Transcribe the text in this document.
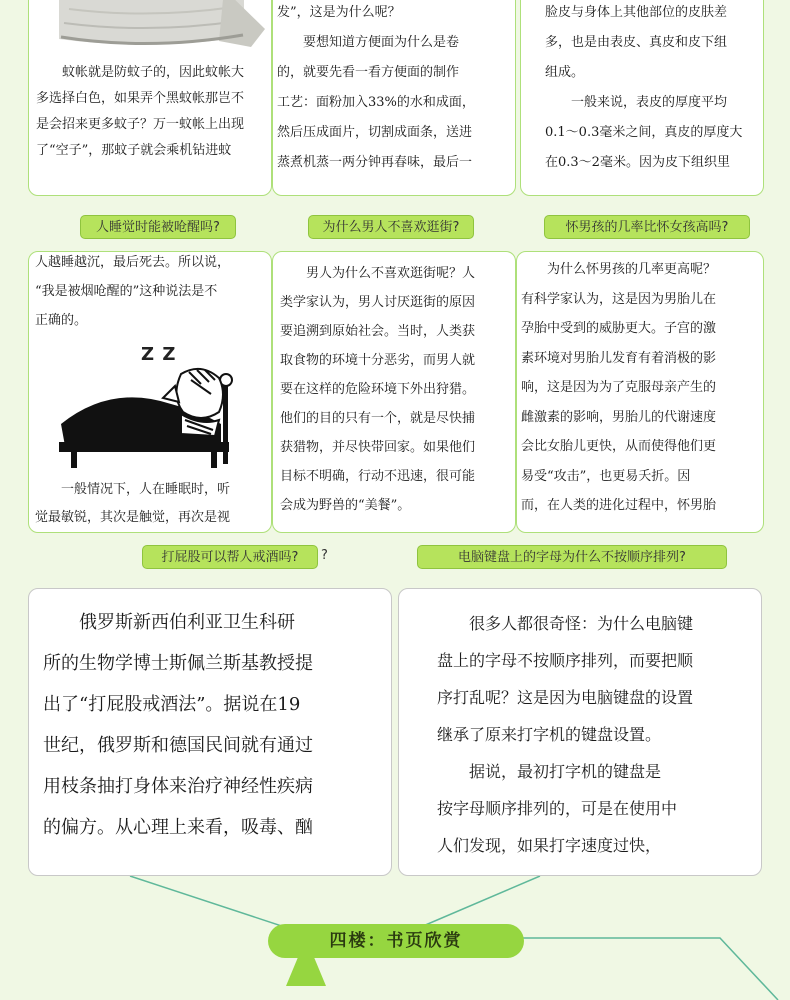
蚊帐就是防蚊子的，因此蚊帐大

多选择白色，如果弄个黑蚊帐那岂不

是会招来更多蚊子？万一蚊帐上出现

了“空子”，那蚊子就会乘机钻进蚊

发”，这是为什么呢？

要想知道方便面为什么是卷

的，就要先看一看方便面的制作

工艺：面粉加入33%的水和成面，

然后压成面片，切割成面条，送进

蒸煮机蒸一两分钟再春味，最后一

脸皮与身体上其他部位的皮肤差

多，也是由表皮、真皮和皮下组

组成。

一般来说，表皮的厚度平均

0.1～0.3毫米之间，真皮的厚度大

在0.3～2毫米。因为皮下组织里

人睡觉时能被呛醒吗?	为什么男人不喜欢逛街?	怀男孩的几率比怀女孩高吗?

人越睡越沉，最后死去。所以说，

“我是被烟呛醒的”这种说法是不

正确的。

Z Z

一般情况下，人在睡眠时，听

觉最敏锐，其次是触觉，再次是视

男人为什么不喜欢逛街呢？人

类学家认为，男人讨厌逛街的原因

要追溯到原始社会。当时，人类获

取食物的环境十分恶劣，而男人就

要在这样的危险环境下外出狩猎。

他们的目的只有一个，就是尽快捕

获猎物，并尽快带回家。如果他们

目标不明确，行动不迅速，很可能

会成为野兽的“美餐”。

为什么怀男孩的几率更高呢？

有科学家认为，这是因为男胎儿在

孕胎中受到的威胁更大。子宫的激

素环境对男胎儿发育有着消极的影

响，这是因为为了克服母亲产生的

雌激素的影响，男胎儿的代谢速度

会比女胎儿更快，从而使得他们更

易受“攻击”，也更易夭折。因

而，在人类的进化过程中，怀男胎

打屁股可以帮人戒酒吗?	?	电脑键盘上的字母为什么不按顺序排列?

俄罗斯新西伯利亚卫生科研

所的生物学博士斯佩兰斯基教授提

出了“打屁股戒酒法”。据说在19

世纪，俄罗斯和德国民间就有通过

用枝条抽打身体来治疗神经性疾病

的偏方。从心理上来看，吸毒、酗

很多人都很奇怪：为什么电脑键

盘上的字母不按顺序排列，而要把顺

序打乱呢？这是因为电脑键盘的设置

继承了原来打字机的键盘设置。

据说，最初打字机的键盘是

按字母顺序排列的，可是在使用中

人们发现，如果打字速度过快，

四楼：书页欣赏
